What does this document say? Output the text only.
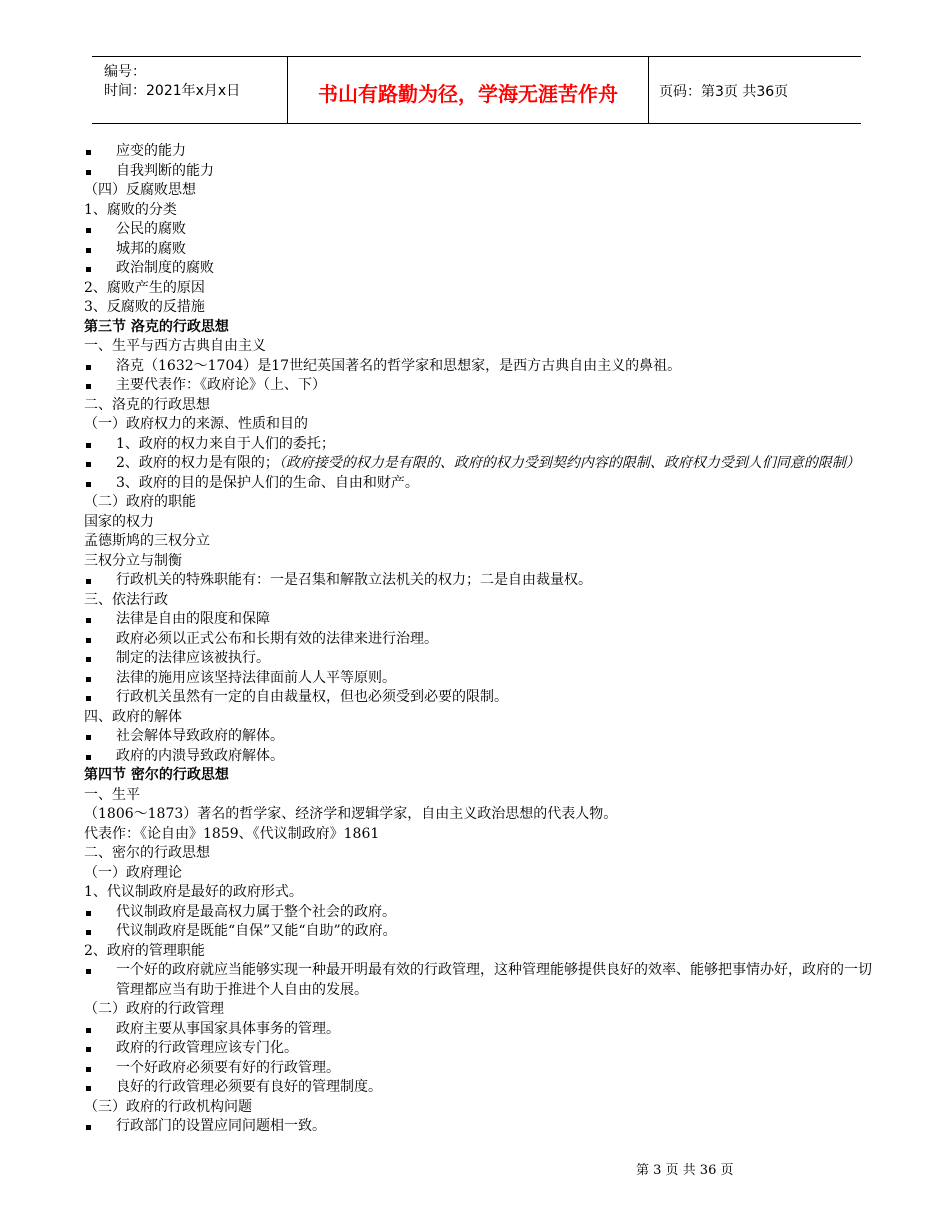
编号：
时间：2021年x月x日	书山有路勤为径，学海无涯苦作舟	页码：第3页 共36页
应变的能力
自我判断的能力
（四）反腐败思想
1、腐败的分类
公民的腐败
城邦的腐败
政治制度的腐败
2、腐败产生的原因
3、反腐败的反措施
第三节 洛克的行政思想
一、生平与西方古典自由主义
洛克（1632～1704）是17世纪英国著名的哲学家和思想家，是西方古典自由主义的鼻祖。
主要代表作：《政府论》（上、下）
二、洛克的行政思想
（一）政府权力的来源、性质和目的
1、政府的权力来自于人们的委托；
2、政府的权力是有限的；（政府接受的权力是有限的、政府的权力受到契约内容的限制、政府权力受到人们同意的限制）
3、政府的目的是保护人们的生命、自由和财产。
（二）政府的职能
国家的权力
孟德斯鸠的三权分立
三权分立与制衡
行政机关的特殊职能有：一是召集和解散立法机关的权力；二是自由裁量权。
三、依法行政
法律是自由的限度和保障
政府必须以正式公布和长期有效的法律来进行治理。
制定的法律应该被执行。
法律的施用应该坚持法律面前人人平等原则。
行政机关虽然有一定的自由裁量权，但也必须受到必要的限制。
四、政府的解体
社会解体导致政府的解体。
政府的内溃导致政府解体。
第四节 密尔的行政思想
一、生平
（1806～1873）著名的哲学家、经济学和逻辑学家，自由主义政治思想的代表人物。
代表作：《论自由》1859、《代议制政府》1861
二、密尔的行政思想
（一）政府理论
1、代议制政府是最好的政府形式。
代议制政府是最高权力属于整个社会的政府。
代议制政府是既能“自保”又能“自助”的政府。
2、政府的管理职能
一个好的政府就应当能够实现一种最开明最有效的行政管理，这种管理能够提供良好的效率、能够把事情办好，政府的一切管理都应当有助于推进个人自由的发展。
（二）政府的行政管理
政府主要从事国家具体事务的管理。
政府的行政管理应该专门化。
一个好政府必须要有好的行政管理。
良好的行政管理必须要有良好的管理制度。
（三）政府的行政机构问题
行政部门的设置应同问题相一致。
第 3 页 共 36 页
